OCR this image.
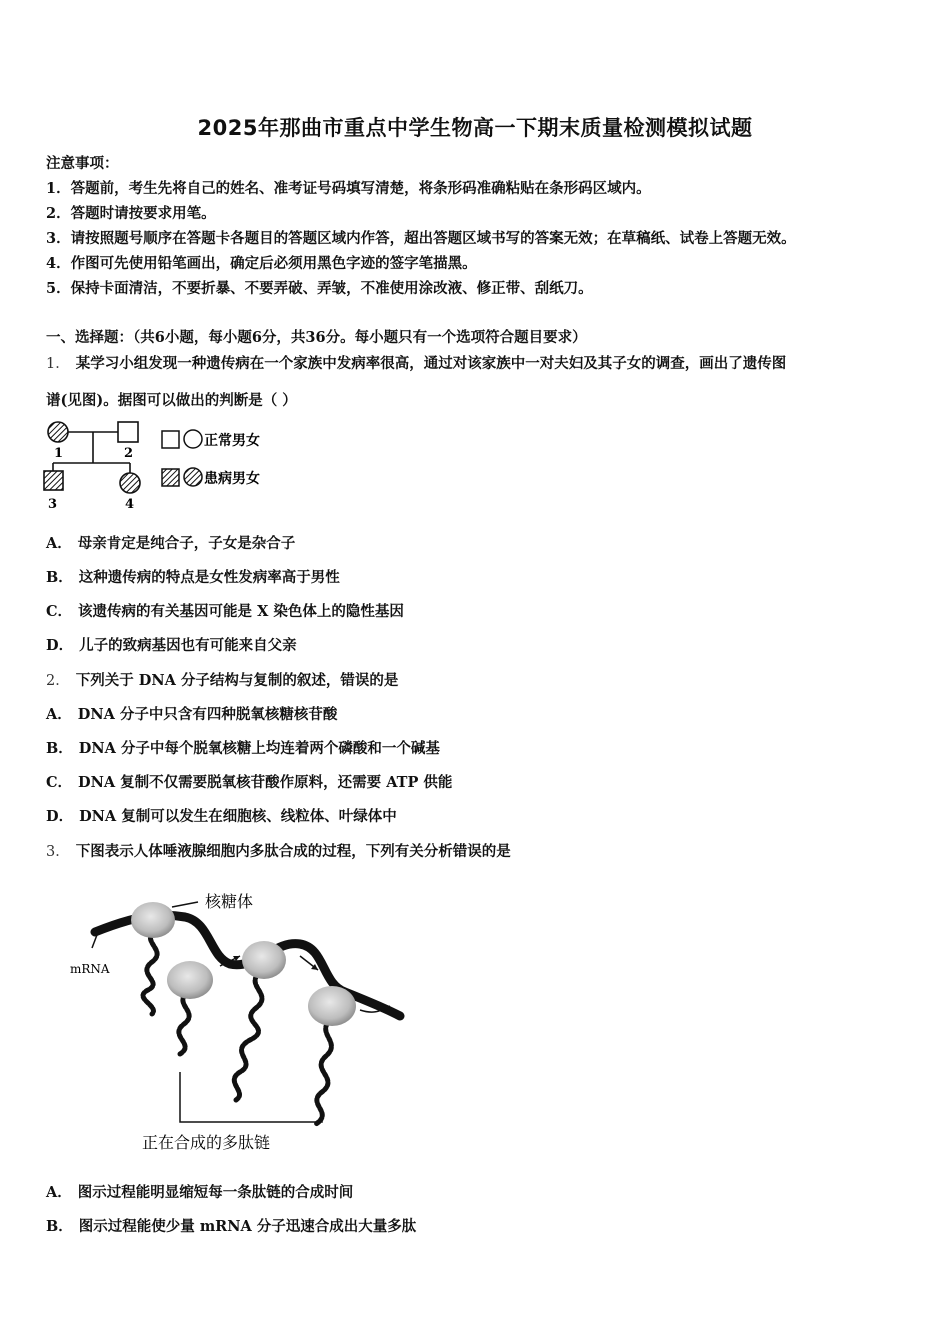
2025年那曲市重点中学生物高一下期末质量检测模拟试题
注意事项：
1．答题前，考生先将自己的姓名、准考证号码填写清楚，将条形码准确粘贴在条形码区域内。
2．答题时请按要求用笔。
3．请按照题号顺序在答题卡各题目的答题区域内作答，超出答题区域书写的答案无效；在草稿纸、试卷上答题无效。
4．作图可先使用铅笔画出，确定后必须用黑色字迹的签字笔描黑。
5．保持卡面清洁，不要折暴、不要弄破、弄皱，不准使用涂改液、修正带、刮纸刀。
一、选择题：（共6小题，每小题6分，共36分。每小题只有一个选项符合题目要求）
1． 某学习小组发现一种遗传病在一个家族中发病率很高，通过对该家族中一对夫妇及其子女的调查，画出了遗传图
谱(见图)。据图可以做出的判断是（ ）
1	2
3	4
正常男女
患病男女
A． 母亲肯定是纯合子，子女是杂合子
B． 这种遗传病的特点是女性发病率高于男性
C． 该遗传病的有关基因可能是 X 染色体上的隐性基因
D． 儿子的致病基因也有可能来自父亲
2． 下列关于 DNA 分子结构与复制的叙述，错误的是
A． DNA 分子中只含有四种脱氧核糖核苷酸
B． DNA 分子中每个脱氧核糖上均连着两个磷酸和一个碱基
C． DNA 复制不仅需要脱氧核苷酸作原料，还需要 ATP 供能
D． DNA 复制可以发生在细胞核、线粒体、叶绿体中
3． 下图表示人体唾液腺细胞内多肽合成的过程，下列有关分析错误的是
mRNA
核糖体
正在合成的多肽链
A． 图示过程能明显缩短每一条肽链的合成时间
B． 图示过程能使少量 mRNA 分子迅速合成出大量多肽
